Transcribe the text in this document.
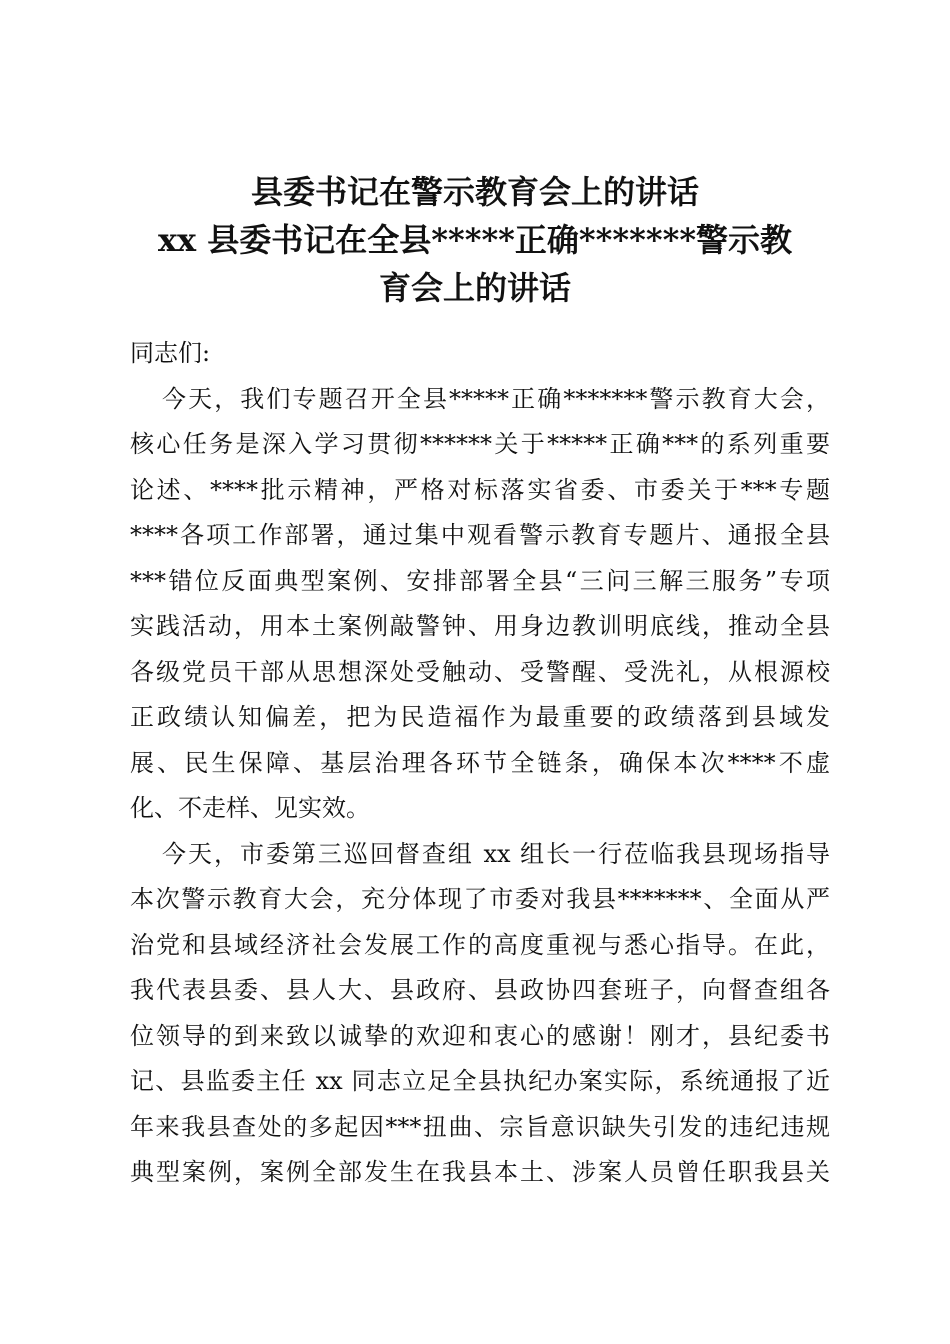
县委书记在警示教育会上的讲话
xx 县委书记在全县*****正确*******警示教
育会上的讲话
同志们:
今天，我们专题召开全县*****正确*******警示教育大会，
核心任务是深入学习贯彻******关于*****正确***的系列重要
论述、****批示精神，严格对标落实省委、市委关于***专题
****各项工作部署，通过集中观看警示教育专题片、通报全县
***错位反面典型案例、安排部署全县“三问三解三服务”专项
实践活动，用本土案例敲警钟、用身边教训明底线，推动全县
各级党员干部从思想深处受触动、受警醒、受洗礼，从根源校
正政绩认知偏差，把为民造福作为最重要的政绩落到县域发
展、民生保障、基层治理各环节全链条，确保本次****不虚
化、不走样、见实效。
今天，市委第三巡回督查组 xx 组长一行莅临我县现场指导
本次警示教育大会，充分体现了市委对我县*******、全面从严
治党和县域经济社会发展工作的高度重视与悉心指导。在此，
我代表县委、县人大、县政府、县政协四套班子，向督查组各
位领导的到来致以诚挚的欢迎和衷心的感谢！刚才，县纪委书
记、县监委主任 xx 同志立足全县执纪办案实际，系统通报了近
年来我县查处的多起因***扭曲、宗旨意识缺失引发的违纪违规
典型案例，案例全部发生在我县本土、涉案人员曾任职我县关
